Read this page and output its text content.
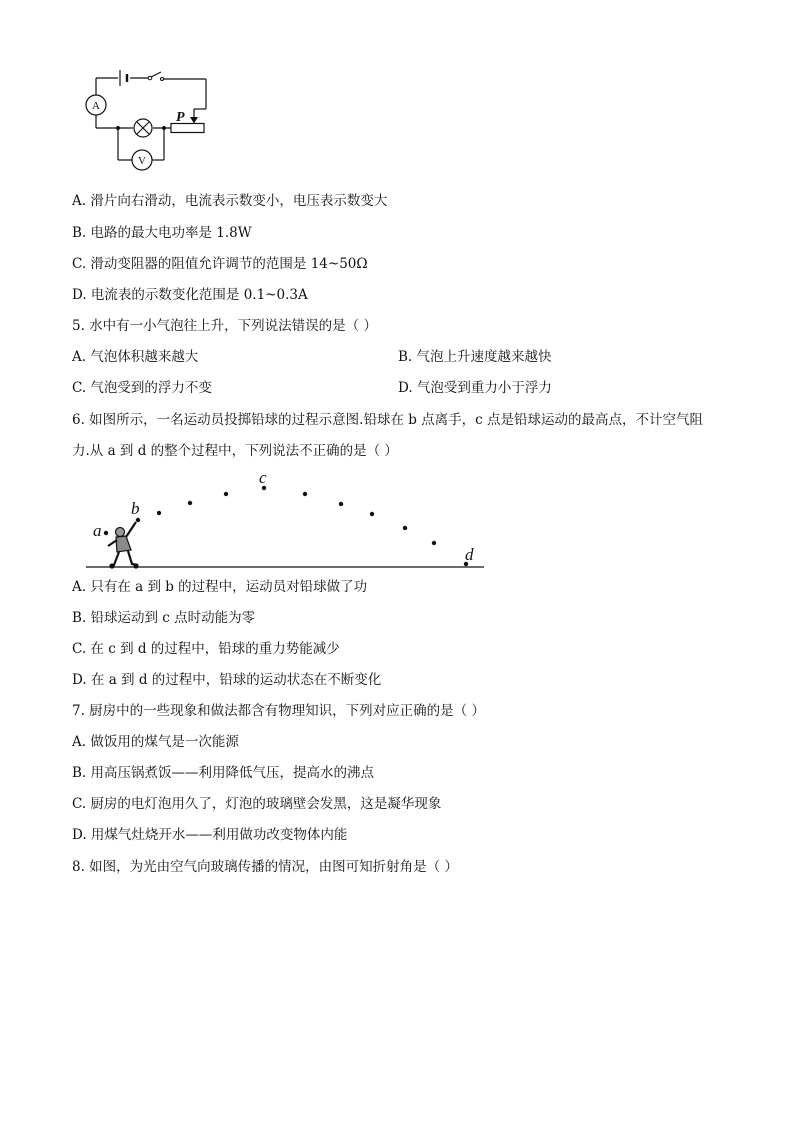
A
P
V
A. 滑片向右滑动，电流表示数变小，电压表示数变大
B. 电路的最大电功率是 1.8W
C. 滑动变阻器的阻值允许调节的范围是 14~50Ω
D. 电流表的示数变化范围是 0.1~0.3A
5. 水中有一小气泡往上升，下列说法错误的是（ ）
A. 气泡体积越来越大	B. 气泡上升速度越来越快
C. 气泡受到的浮力不变	D. 气泡受到重力小于浮力
6. 如图所示，一名运动员投掷铅球的过程示意图.铅球在 b 点离手，c 点是铅球运动的最高点，不计空气阻
力.从 a 到 d 的整个过程中，下列说法不正确的是（ ）
a
b
c
d
A. 只有在 a 到 b 的过程中，运动员对铅球做了功
B. 铅球运动到 c 点时动能为零
C. 在 c 到 d 的过程中，铅球的重力势能减少
D. 在 a 到 d 的过程中，铅球的运动状态在不断变化
7. 厨房中的一些现象和做法都含有物理知识，下列对应正确的是（ ）
A. 做饭用的煤气是一次能源
B. 用高压锅煮饭——利用降低气压，提高水的沸点
C. 厨房的电灯泡用久了，灯泡的玻璃壁会发黑，这是凝华现象
D. 用煤气灶烧开水——利用做功改变物体内能
8. 如图，为光由空气向玻璃传播的情况，由图可知折射角是（ ）
